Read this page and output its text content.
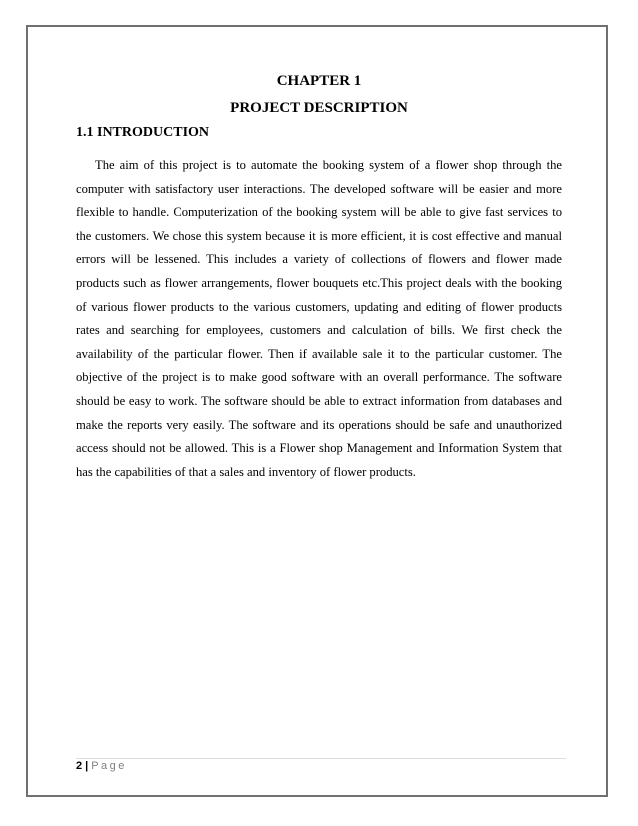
CHAPTER 1
PROJECT DESCRIPTION
1.1 INTRODUCTION

The aim of this project is to automate the booking system of a flower shop through the computer with satisfactory user interactions. The developed software will be easier and more flexible to handle. Computerization of the booking system will be able to give fast services to the customers. We chose this system because it is more efficient, it is cost effective and manual errors will be lessened. This includes a variety of collections of flowers and flower made products such as flower arrangements, flower bouquets etc.This project deals with the booking of various flower products to the various customers, updating and editing of flower products rates and searching for employees, customers and calculation of bills. We first check the availability of the particular flower. Then if available sale it to the particular customer. The objective of the project is to make good software with an overall performance. The software should be easy to work. The software should be able to extract information from databases and make the reports very easily. The software and its operations should be safe and unauthorized access should not be allowed. This is a Flower shop Management and Information System that has the capabilities of that a sales and inventory of flower products.

2 | Page
